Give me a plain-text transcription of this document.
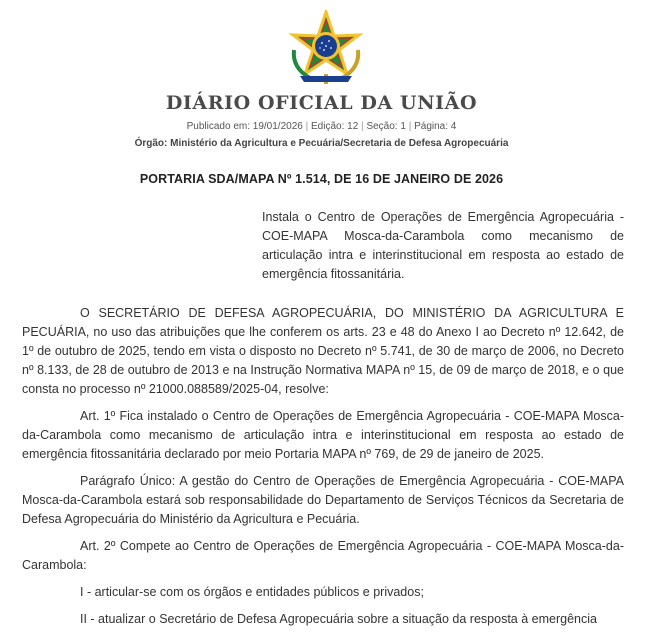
DIÁRIO OFICIAL DA UNIÃO
Publicado em: 19/01/2026 | Edição: 12 | Seção: 1 | Página: 4
Órgão: Ministério da Agricultura e Pecuária/Secretaria de Defesa Agropecuária
PORTARIA SDA/MAPA Nº 1.514, DE 16 DE JANEIRO DE 2026
Instala o Centro de Operações de Emergência Agropecuária - COE-MAPA Mosca-da-Carambola como mecanismo de articulação intra e interinstitucional em resposta ao estado de emergência fitossanitária.

O SECRETÁRIO DE DEFESA AGROPECUÁRIA, DO MINISTÉRIO DA AGRICULTURA E PECUÁRIA, no uso das atribuições que lhe conferem os arts. 23 e 48 do Anexo I ao Decreto nº 12.642, de 1º de outubro de 2025, tendo em vista o disposto no Decreto nº 5.741, de 30 de março de 2006, no Decreto nº 8.133, de 28 de outubro de 2013 e na Instrução Normativa MAPA nº 15, de 09 de março de 2018, e o que consta no processo nº 21000.088589/2025-04, resolve:

Art. 1º Fica instalado o Centro de Operações de Emergência Agropecuária - COE-MAPA Mosca-da-Carambola como mecanismo de articulação intra e interinstitucional em resposta ao estado de emergência fitossanitária declarado por meio Portaria MAPA nº 769, de 29 de janeiro de 2025.

Parágrafo Único: A gestão do Centro de Operações de Emergência Agropecuária - COE-MAPA Mosca-da-Carambola estará sob responsabilidade do Departamento de Serviços Técnicos da Secretaria de Defesa Agropecuária do Ministério da Agricultura e Pecuária.

Art. 2º Compete ao Centro de Operações de Emergência Agropecuária - COE-MAPA Mosca-da-Carambola:

I - articular-se com os órgãos e entidades públicos e privados;

II - atualizar o Secretário de Defesa Agropecuária sobre a situação da resposta à emergência
